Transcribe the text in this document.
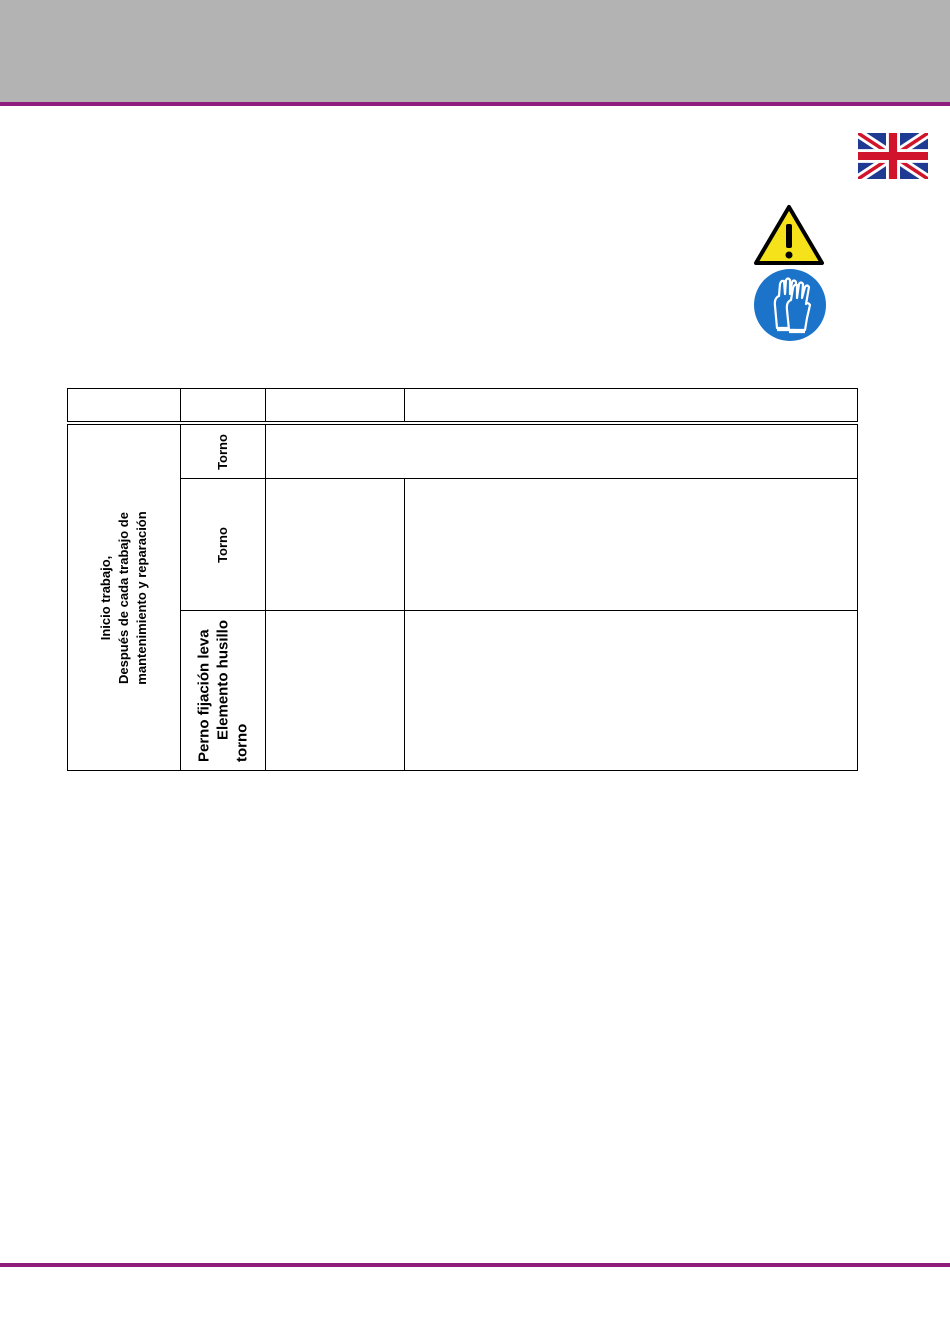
Inicio trabajo, Después de cada trabajo de mantenimiento y reparación
Torno
Torno
Perno fijación leva Elemento husillo
torno
